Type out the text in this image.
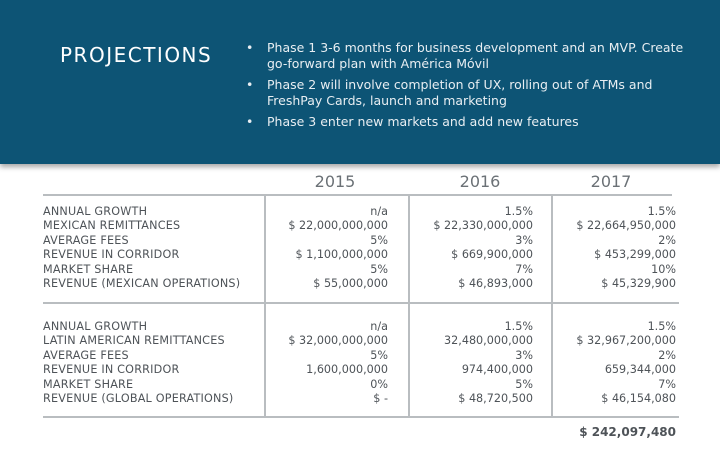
PROJECTIONS	• Phase 1 3-6 months for business development and an MVP. Create go-forward plan with América Móvil
• Phase 2 will involve completion of UX, rolling out of ATMs and FreshPay Cards, launch and marketing
• Phase 3 enter new markets and add new features
2015	2016	2017
ANNUAL GROWTH	n/a	1.5%	1.5%
MEXICAN REMITTANCES	$ 22,000,000,000	$ 22,330,000,000	$ 22,664,950,000
AVERAGE FEES	5%	3%	2%
REVENUE IN CORRIDOR	$ 1,100,000,000	$ 669,900,000	$ 453,299,000
MARKET SHARE	5%	7%	10%
REVENUE (MEXICAN OPERATIONS)	$ 55,000,000	$ 46,893,000	$ 45,329,900
ANNUAL GROWTH	n/a	1.5%	1.5%
LATIN AMERICAN REMITTANCES	$ 32,000,000,000	32,480,000,000	$ 32,967,200,000
AVERAGE FEES	5%	3%	2%
REVENUE IN CORRIDOR	1,600,000,000	974,400,000	659,344,000
MARKET SHARE	0%	5%	7%
REVENUE (GLOBAL OPERATIONS)	$ -	$ 48,720,500	$ 46,154,080
$ 242,097,480
